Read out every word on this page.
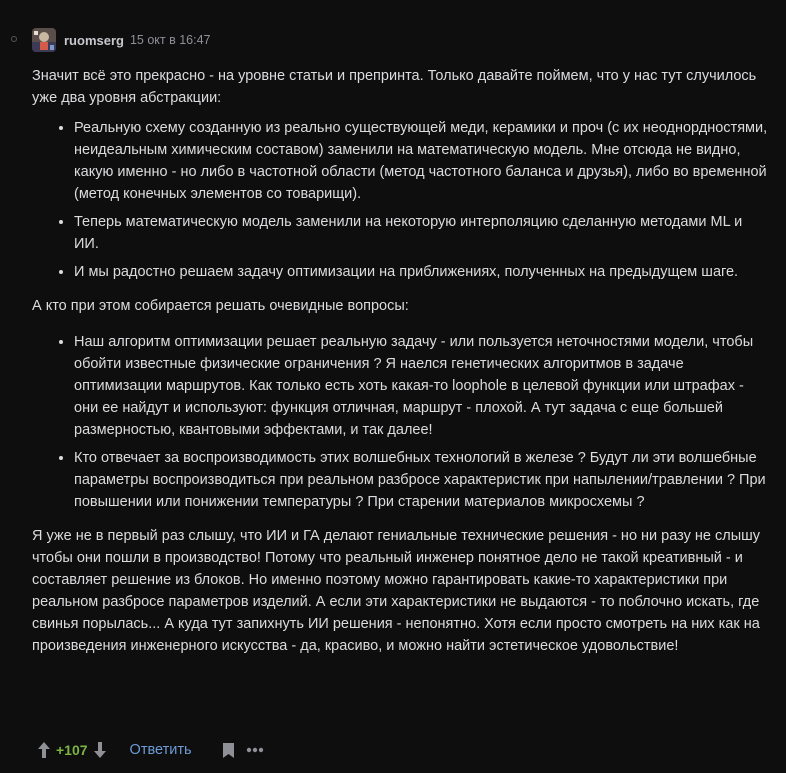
ruomserg 15 окт в 16:47

Значит всё это прекрасно - на уровне статьи и препринта. Только давайте поймем, что у нас тут случилось уже два уровня абстракции:

• Реальную схему созданную из реально существующей меди, керамики и проч (с их неоднордностями, неидеальным химическим составом) заменили на математическую модель. Мне отсюда не видно, какую именно - но либо в частотной области (метод частотного баланса и друзья), либо во временной (метод конечных элементов со товарищи).
• Теперь математическую модель заменили на некоторую интерполяцию сделанную методами ML и ИИ.
• И мы радостно решаем задачу оптимизации на приближениях, полученных на предыдущем шаге.

А кто при этом собирается решать очевидные вопросы:

• Наш алгоритм оптимизации решает реальную задачу - или пользуется неточностями модели, чтобы обойти известные физические ограничения ? Я наелся генетических алгоритмов в задаче оптимизации маршрутов. Как только есть хоть какая-то loophole в целевой функции или штрафах - они ее найдут и используют: функция отличная, маршрут - плохой. А тут задача с еще большей размерностью, квантовыми эффектами, и так далее!
• Кто отвечает за воспроизводимость этих волшебных технологий в железе ? Будут ли эти волшебные параметры воспроизводиться при реальном разбросе характеристик при напылении/травлении ? При повышении или понижении температуры ? При старении материалов микросхемы ?

Я уже не в первый раз слышу, что ИИ и ГА делают гениальные технические решения - но ни разу не слышу чтобы они пошли в производство! Потому что реальный инженер понятное дело не такой креативный - и составляет решение из блоков. Но именно поэтому можно гарантировать какие-то характеристики при реальном разбросе параметров изделий. А если эти характеристики не выдаются - то поблочно искать, где свинья порылась... А куда тут запихнуть ИИ решения - непонятно. Хотя если просто смотреть на них как на произведения инженерного искусства - да, красиво, и можно найти эстетическое удовольствие!

+107	Ответить
